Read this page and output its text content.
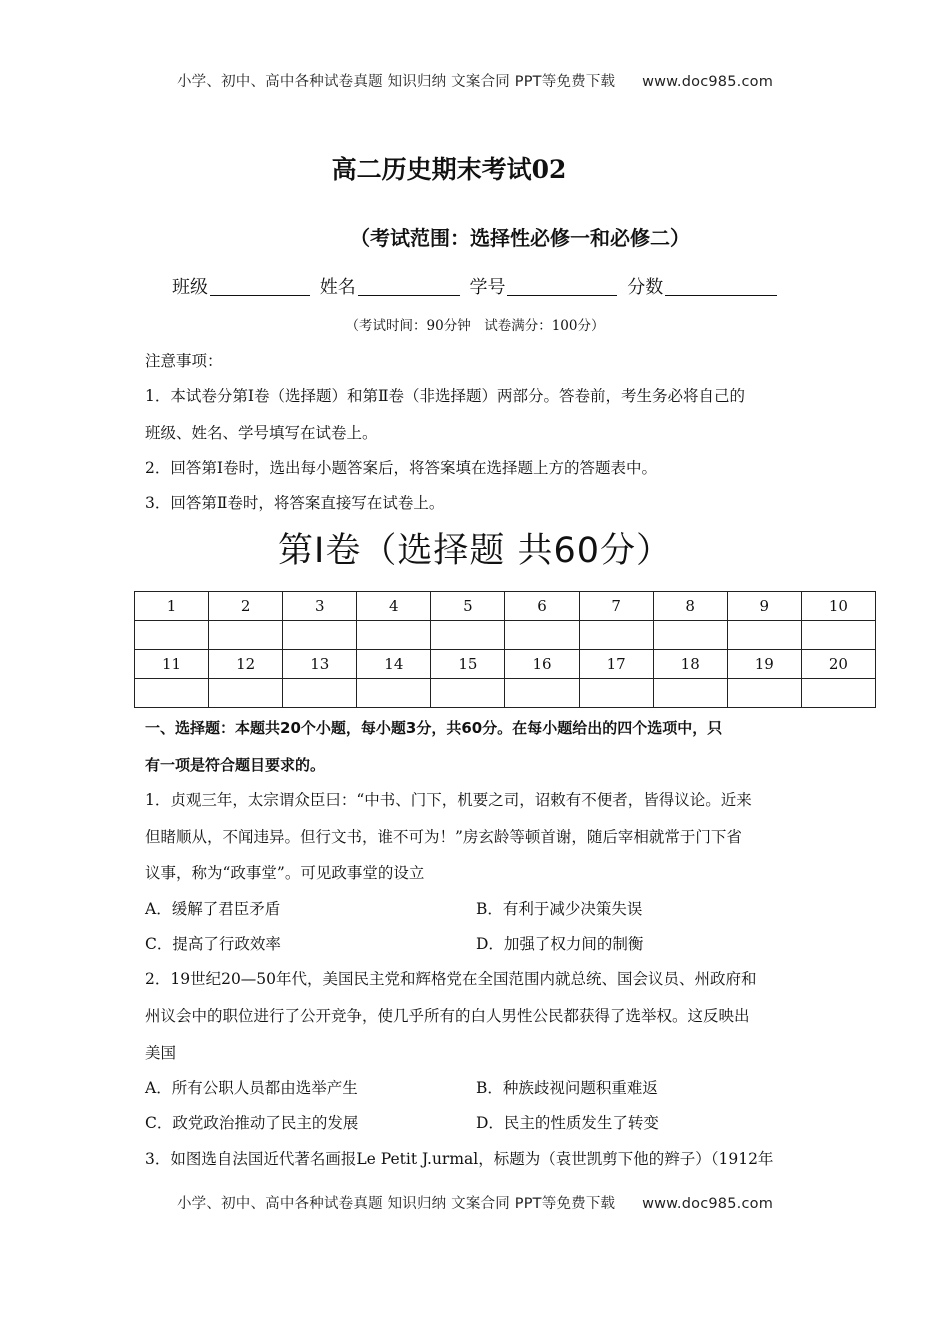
小学、初中、高中各种试卷真题 知识归纳 文案合同 PPT等免费下载 www.doc985.com
高二历史期末考试02
（考试范围：选择性必修一和必修二）
班级	姓名	学号	分数
（考试时间：90分钟　试卷满分：100分）
注意事项：
1．本试卷分第Ⅰ卷（选择题）和第Ⅱ卷（非选择题）两部分。答卷前，考生务必将自己的
班级、姓名、学号填写在试卷上。
2．回答第Ⅰ卷时，选出每小题答案后，将答案填在选择题上方的答题表中。
3．回答第Ⅱ卷时，将答案直接写在试卷上。
第Ⅰ卷（选择题 共60分）
1	2	3	4	5	6	7	8	9	10

11	12	13	14	15	16	17	18	19	20

一、选择题：本题共20个小题，每小题3分，共60分。在每小题给出的四个选项中，只
有一项是符合题目要求的。
1．贞观三年，太宗谓众臣曰：“中书、门下，机要之司，诏敕有不便者，皆得议论。近来
但睹顺从，不闻违异。但行文书，谁不可为！”房玄龄等顿首谢，随后宰相就常于门下省
议事，称为“政事堂”。可见政事堂的设立
A．缓解了君臣矛盾	B．有利于减少决策失误
C．提高了行政效率	D．加强了权力间的制衡
2．19世纪20—50年代，美国民主党和辉格党在全国范围内就总统、国会议员、州政府和
州议会中的职位进行了公开竞争，使几乎所有的白人男性公民都获得了选举权。这反映出
美国
A．所有公职人员都由选举产生	B．种族歧视问题积重难返
C．政党政治推动了民主的发展	D．民主的性质发生了转变
3．如图选自法国近代著名画报Le Petit J.urmal，标题为（袁世凯剪下他的辫子）（1912年
小学、初中、高中各种试卷真题 知识归纳 文案合同 PPT等免费下载 www.doc985.com
